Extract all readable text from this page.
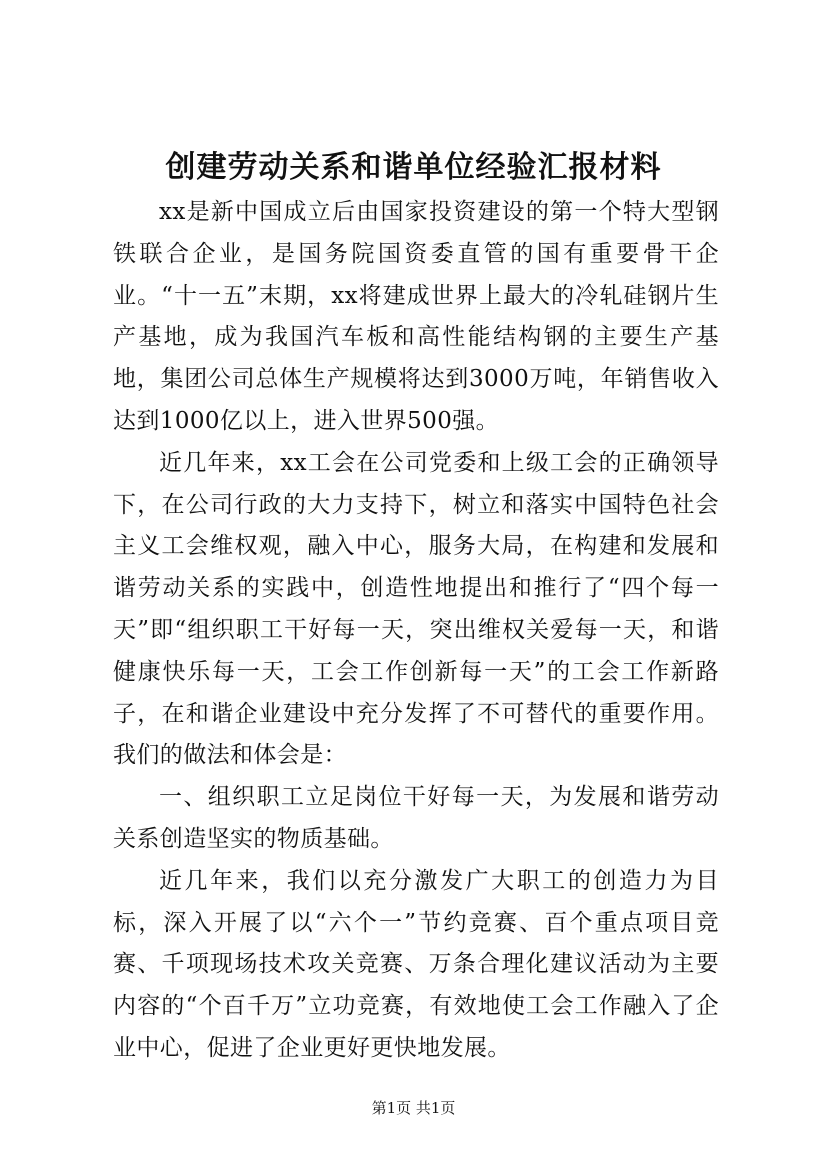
创建劳动关系和谐单位经验汇报材料

xx是新中国成立后由国家投资建设的第一个特大型钢铁联合企业，是国务院国资委直管的国有重要骨干企业。“十一五”末期，xx将建成世界上最大的冷轧硅钢片生产基地，成为我国汽车板和高性能结构钢的主要生产基地，集团公司总体生产规模将达到3000万吨，年销售收入达到1000亿以上，进入世界500强。

近几年来，xx工会在公司党委和上级工会的正确领导下，在公司行政的大力支持下，树立和落实中国特色社会主义工会维权观，融入中心，服务大局，在构建和发展和谐劳动关系的实践中，创造性地提出和推行了“四个每一天”即“组织职工干好每一天，突出维权关爱每一天，和谐健康快乐每一天，工会工作创新每一天”的工会工作新路子，在和谐企业建设中充分发挥了不可替代的重要作用。我们的做法和体会是：

一、组织职工立足岗位干好每一天，为发展和谐劳动关系创造坚实的物质基础。

近几年来，我们以充分激发广大职工的创造力为目标，深入开展了以“六个一”节约竞赛、百个重点项目竞赛、千项现场技术攻关竞赛、万条合理化建议活动为主要内容的“个百千万”立功竞赛，有效地使工会工作融入了企业中心，促进了企业更好更快地发展。

第1页 共1页
